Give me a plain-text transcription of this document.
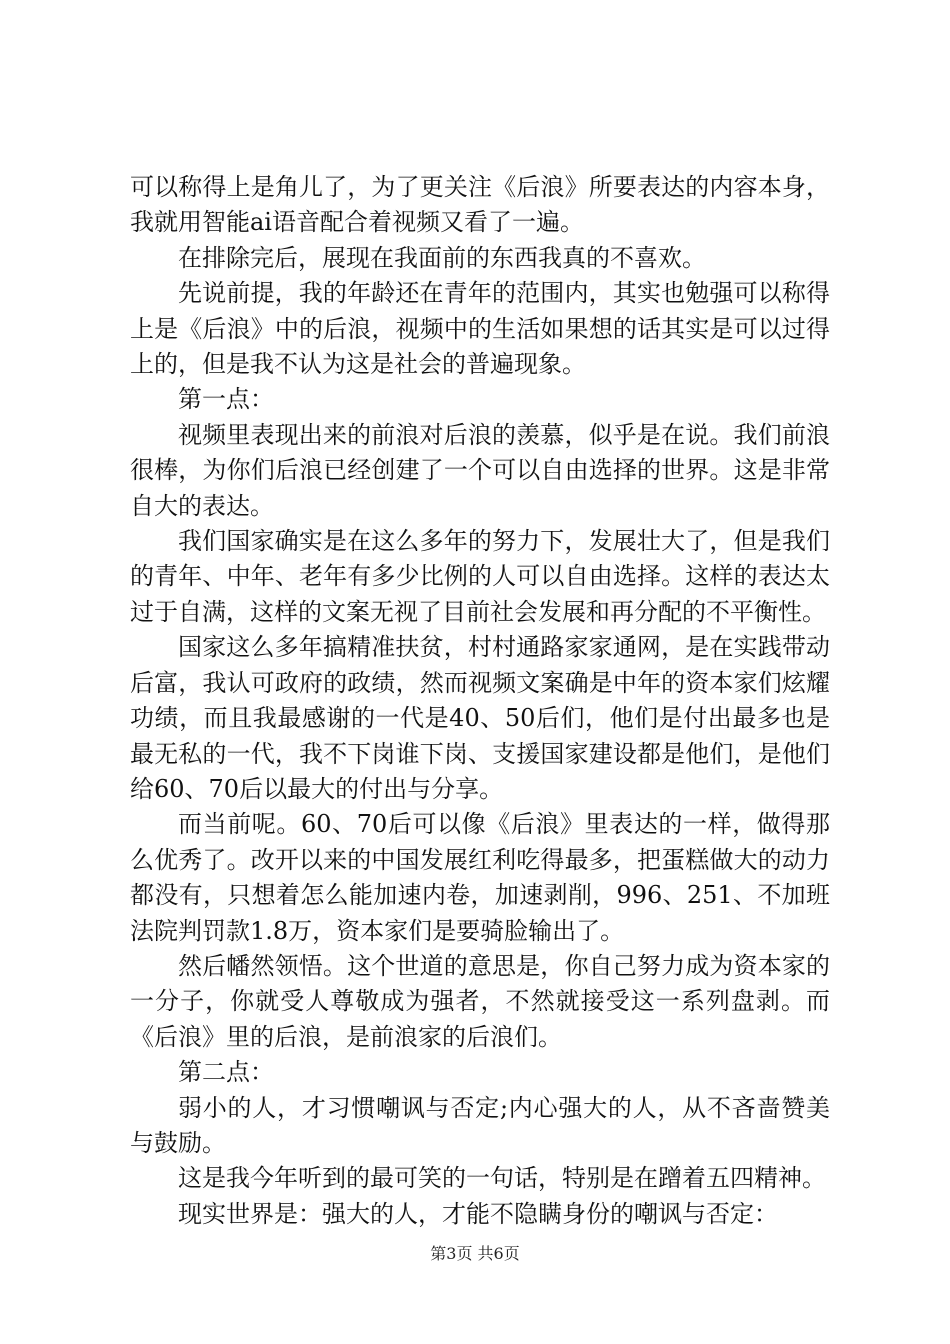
可以称得上是角儿了，为了更关注《后浪》所要表达的内容本身，我就用智能ai语音配合着视频又看了一遍。

在排除完后，展现在我面前的东西我真的不喜欢。

先说前提，我的年龄还在青年的范围内，其实也勉强可以称得上是《后浪》中的后浪，视频中的生活如果想的话其实是可以过得上的，但是我不认为这是社会的普遍现象。

第一点：

视频里表现出来的前浪对后浪的羡慕，似乎是在说。我们前浪很棒，为你们后浪已经创建了一个可以自由选择的世界。这是非常自大的表达。

我们国家确实是在这么多年的努力下，发展壮大了，但是我们的青年、中年、老年有多少比例的人可以自由选择。这样的表达太过于自满，这样的文案无视了目前社会发展和再分配的不平衡性。

国家这么多年搞精准扶贫，村村通路家家通网，是在实践带动后富，我认可政府的政绩，然而视频文案确是中年的资本家们炫耀功绩，而且我最感谢的一代是40、50后们，他们是付出最多也是最无私的一代，我不下岗谁下岗、支援国家建设都是他们，是他们给60、70后以最大的付出与分享。

而当前呢。60、70后可以像《后浪》里表达的一样，做得那么优秀了。改开以来的中国发展红利吃得最多，把蛋糕做大的动力都没有，只想着怎么能加速内卷，加速剥削，996、251、不加班法院判罚款1.8万，资本家们是要骑脸输出了。

然后幡然领悟。这个世道的意思是，你自己努力成为资本家的一分子，你就受人尊敬成为强者，不然就接受这一系列盘剥。而《后浪》里的后浪，是前浪家的后浪们。

第二点：

弱小的人，才习惯嘲讽与否定;内心强大的人，从不吝啬赞美与鼓励。

这是我今年听到的最可笑的一句话，特别是在蹭着五四精神。

现实世界是：强大的人，才能不隐瞒身份的嘲讽与否定：

第3页 共6页
